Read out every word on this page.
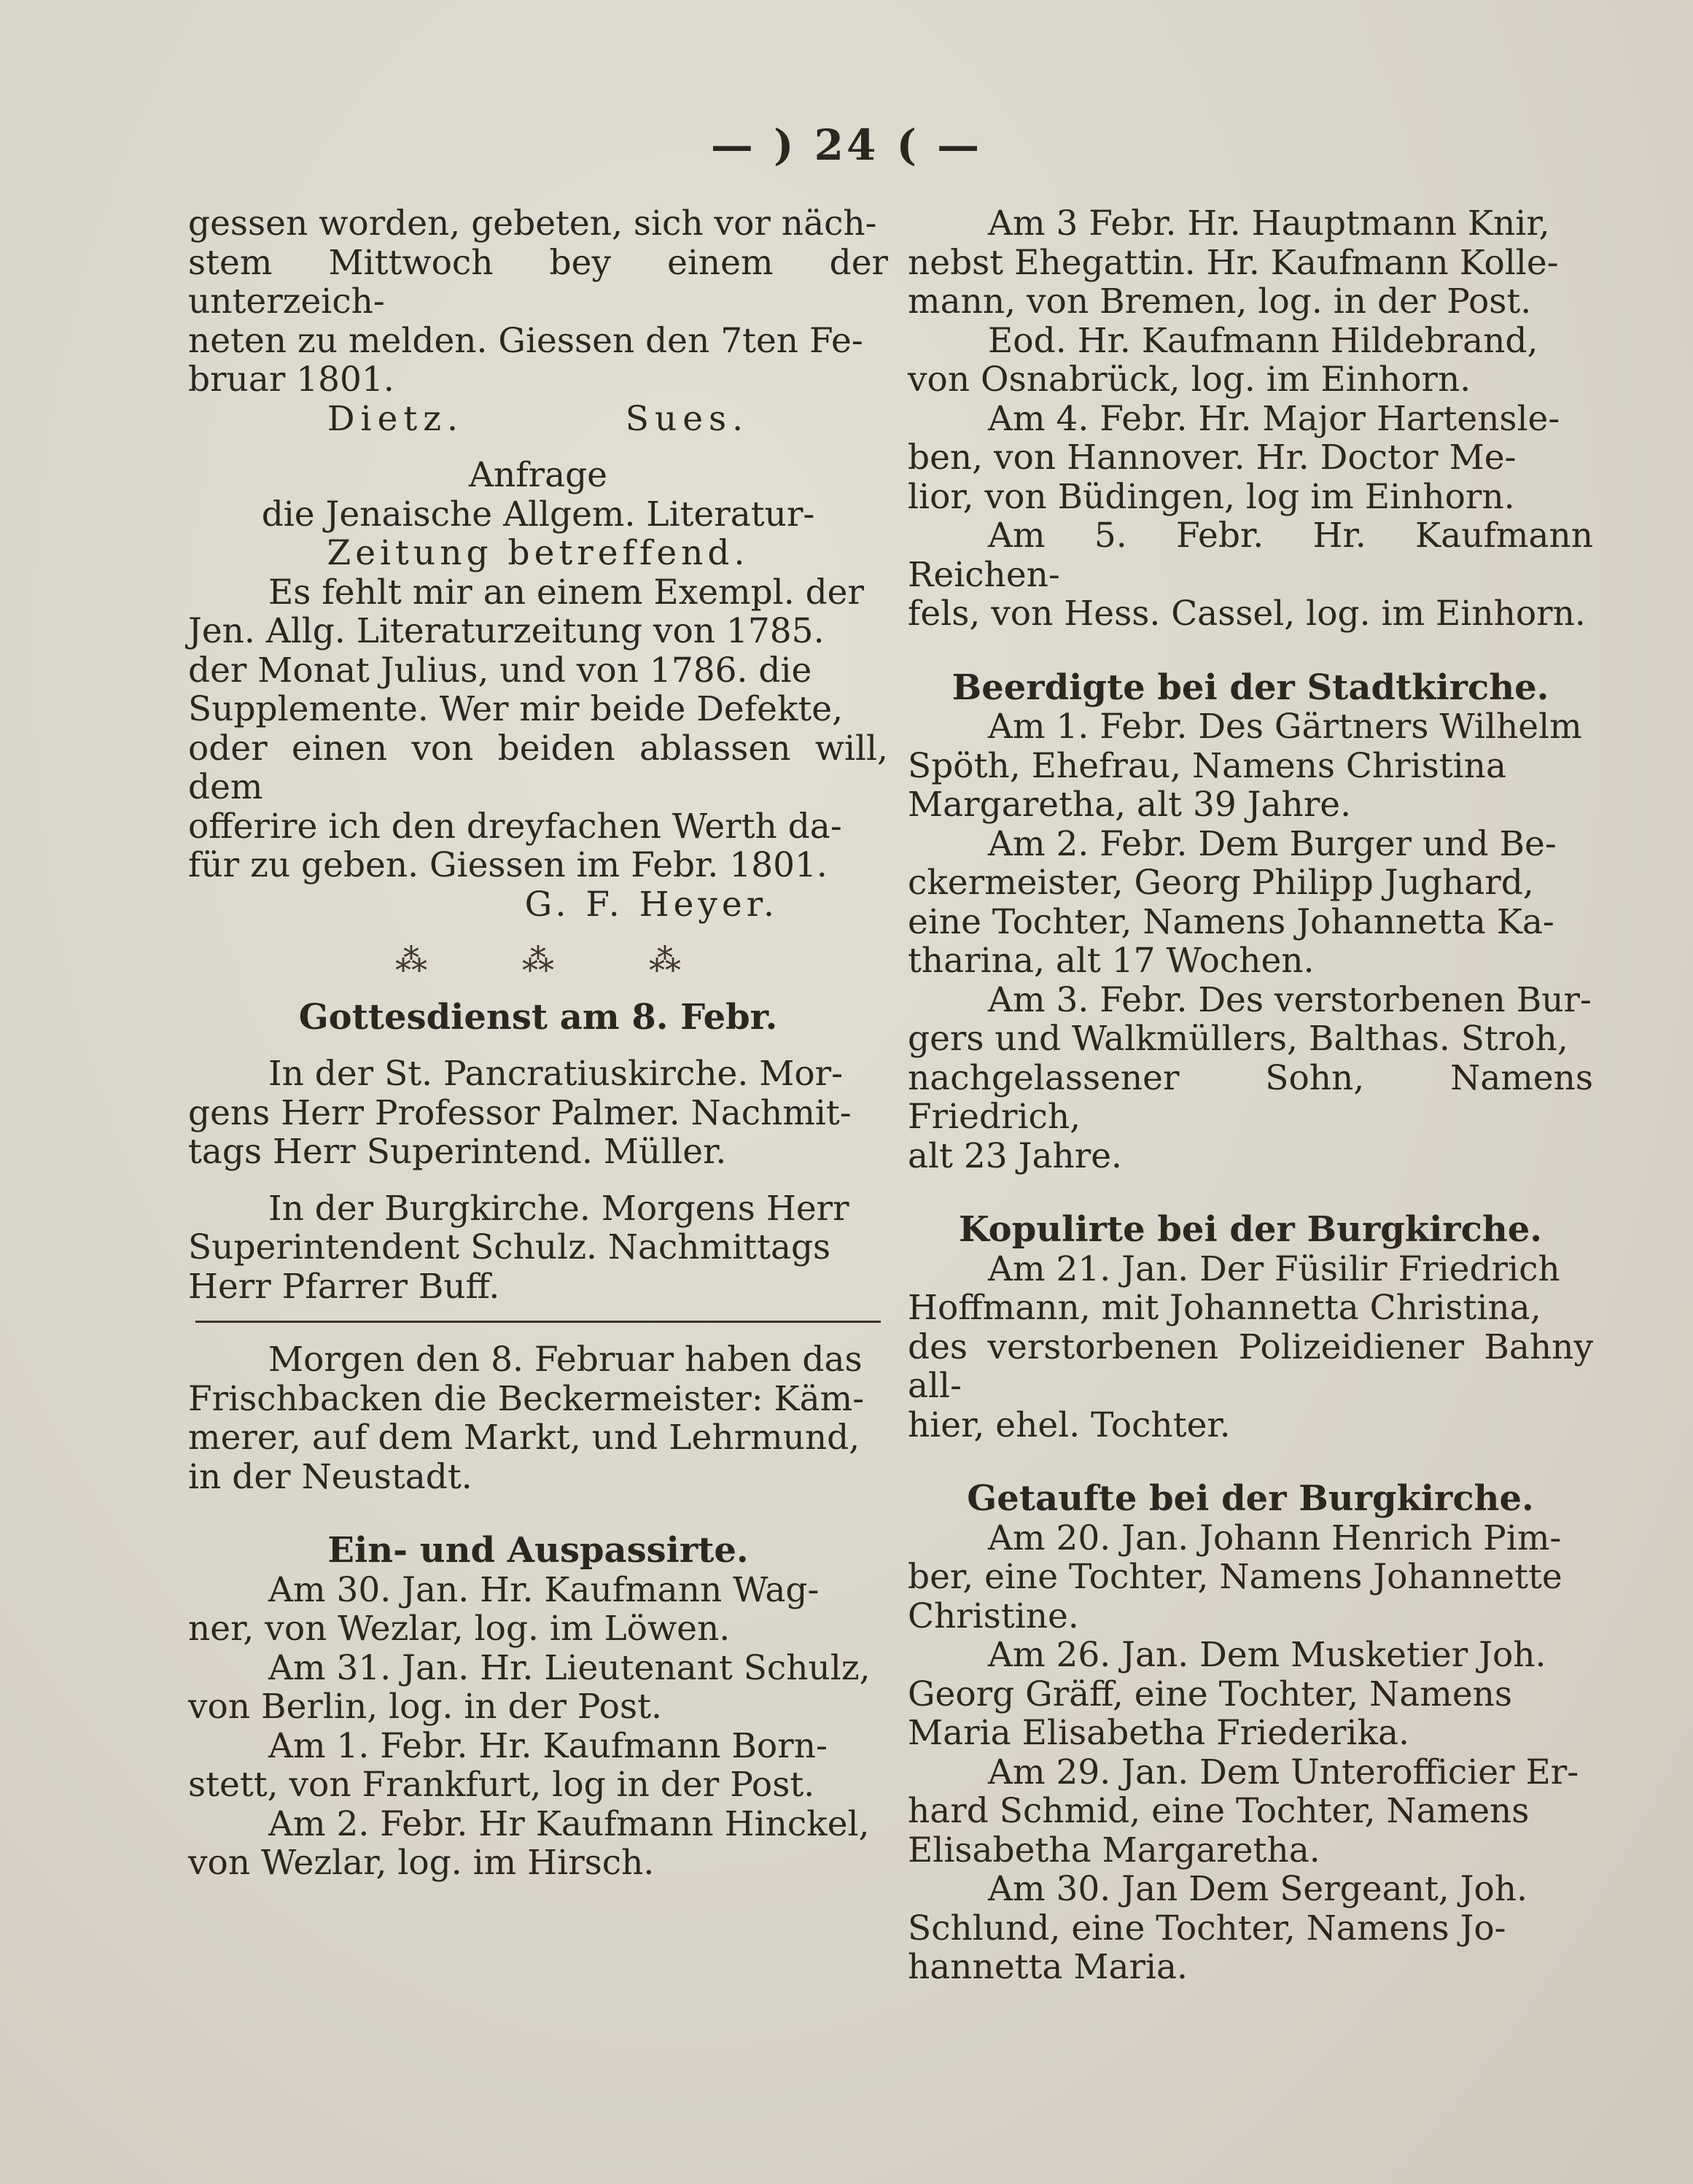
— ) 24 ( —

gessen worden, gebeten, sich vor näch-

stem Mittwoch bey einem der unterzeich-

neten zu melden. Giessen den 7ten Fe-

bruar 1801.

Dietz.	Sues.

Anfrage

die Jenaische Allgem. Literatur-

Zeitung betreffend.

Es fehlt mir an einem Exempl. der

Jen. Allg. Literaturzeitung von 1785.

der Monat Julius, und von 1786. die

Supplemente. Wer mir beide Defekte,

oder einen von beiden ablassen will, dem

offerire ich den dreyfachen Werth da-

für zu geben. Giessen im Febr. 1801.

G. F. Heyer.

⁂	⁂	⁂

Gottesdienst am 8. Febr.

In der St. Pancratiuskirche. Mor-

gens Herr Professor Palmer. Nachmit-

tags Herr Superintend. Müller.

In der Burgkirche. Morgens Herr

Superintendent Schulz. Nachmittags

Herr Pfarrer Buff.

Morgen den 8. Februar haben das

Frischbacken die Beckermeister: Käm-

merer, auf dem Markt, und Lehrmund,

in der Neustadt.

Ein- und Auspassirte.

Am 30. Jan. Hr. Kaufmann Wag-

ner, von Wezlar, log. im Löwen.

Am 31. Jan. Hr. Lieutenant Schulz,

von Berlin, log. in der Post.

Am 1. Febr. Hr. Kaufmann Born-

stett, von Frankfurt, log in der Post.

Am 2. Febr. Hr Kaufmann Hinckel,

von Wezlar, log. im Hirsch.

Am 3 Febr. Hr. Hauptmann Knir,

nebst Ehegattin. Hr. Kaufmann Kolle-

mann, von Bremen, log. in der Post.

Eod. Hr. Kaufmann Hildebrand,

von Osnabrück, log. im Einhorn.

Am 4. Febr. Hr. Major Hartensle-

ben, von Hannover. Hr. Doctor Me-

lior, von Büdingen, log im Einhorn.

Am 5. Febr. Hr. Kaufmann Reichen-

fels, von Hess. Cassel, log. im Einhorn.

Beerdigte bei der Stadtkirche.

Am 1. Febr. Des Gärtners Wilhelm

Spöth, Ehefrau, Namens Christina

Margaretha, alt 39 Jahre.

Am 2. Febr. Dem Burger und Be-

ckermeister, Georg Philipp Jughard,

eine Tochter, Namens Johannetta Ka-

tharina, alt 17 Wochen.

Am 3. Febr. Des verstorbenen Bur-

gers und Walkmüllers, Balthas. Stroh,

nachgelassener Sohn, Namens Friedrich,

alt 23 Jahre.

Kopulirte bei der Burgkirche.

Am 21. Jan. Der Füsilir Friedrich

Hoffmann, mit Johannetta Christina,

des verstorbenen Polizeidiener Bahny all-

hier, ehel. Tochter.

Getaufte bei der Burgkirche.

Am 20. Jan. Johann Henrich Pim-

ber, eine Tochter, Namens Johannette

Christine.

Am 26. Jan. Dem Musketier Joh.

Georg Gräff, eine Tochter, Namens

Maria Elisabetha Friederika.

Am 29. Jan. Dem Unterofficier Er-

hard Schmid, eine Tochter, Namens

Elisabetha Margaretha.

Am 30. Jan Dem Sergeant, Joh.

Schlund, eine Tochter, Namens Jo-

hannetta Maria.
